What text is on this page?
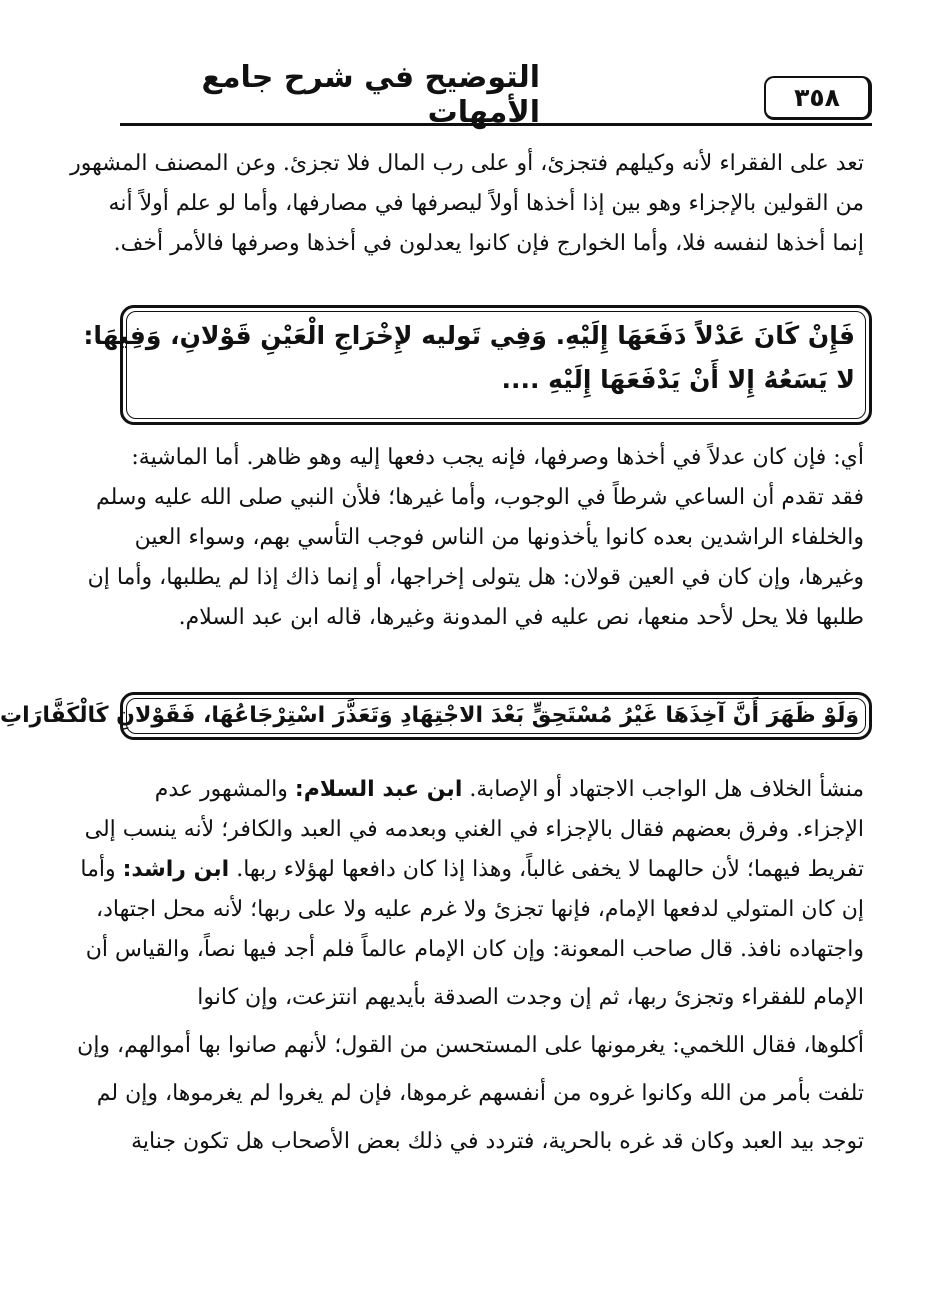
٣٥٨
التوضيح في شرح جامع الأمهات
تعد على الفقراء لأنه وكيلهم فتجزئ، أو على رب المال فلا تجزئ. وعن المصنف المشهور
من القولين بالإجزاء وهو بين إذا أخذها أولاً ليصرفها في مصارفها، وأما لو علم أولاً أنه
إنما أخذها لنفسه فلا، وأما الخوارج فإن كانوا يعدلون في أخذها وصرفها فالأمر أخف.
فَإِنْ كَانَ عَدْلاً دَفَعَهَا إِلَيْهِ. وَفِي تَوليه لإِخْرَاجِ الْعَيْنِ قَوْلانِ، وَفِيهَا:
لا يَسَعُهُ إِلا أَنْ يَدْفَعَهَا إِلَيْهِ ....
أي: فإن كان عدلاً في أخذها وصرفها، فإنه يجب دفعها إليه وهو ظاهر. أما الماشية:
فقد تقدم أن الساعي شرطاً في الوجوب، وأما غيرها؛ فلأن النبي صلى الله عليه وسلم
والخلفاء الراشدين بعده كانوا يأخذونها من الناس فوجب التأسي بهم، وسواء العين
وغيرها، وإن كان في العين قولان: هل يتولى إخراجها، أو إنما ذاك إذا لم يطلبها، وأما إن
طلبها فلا يحل لأحد منعها، نص عليه في المدونة وغيرها، قاله ابن عبد السلام.
وَلَوْ ظَهَرَ أَنَّ آخِذَهَا غَيْرُ مُسْتَحِقٍّ بَعْدَ الاجْتِهَادِ وَتَعَذَّرَ اسْتِرْجَاعُهَا، فَقَوْلانِ كَالْكَفَّارَاتِ
منشأ الخلاف هل الواجب الاجتهاد أو الإصابة. ابن عبد السلام: والمشهور عدم
الإجزاء. وفرق بعضهم فقال بالإجزاء في الغني وبعدمه في العبد والكافر؛ لأنه ينسب إلى
تفريط فيهما؛ لأن حالهما لا يخفى غالباً، وهذا إذا كان دافعها لهؤلاء ربها. ابن راشد: وأما
إن كان المتولي لدفعها الإمام، فإنها تجزئ ولا غرم عليه ولا على ربها؛ لأنه محل اجتهاد،
واجتهاده نافذ. قال صاحب المعونة: وإن كان الإمام عالماً فلم أجد فيها نصاً، والقياس أن
الإمام للفقراء وتجزئ ربها، ثم إن وجدت الصدقة بأيديهم انتزعت، وإن كانوا
أكلوها، فقال اللخمي: يغرمونها على المستحسن من القول؛ لأنهم صانوا بها أموالهم، وإن
تلفت بأمر من الله وكانوا غروه من أنفسهم غرموها، فإن لم يغروا لم يغرموها، وإن لم
توجد بيد العبد وكان قد غره بالحرية، فتردد في ذلك بعض الأصحاب هل تكون جناية
